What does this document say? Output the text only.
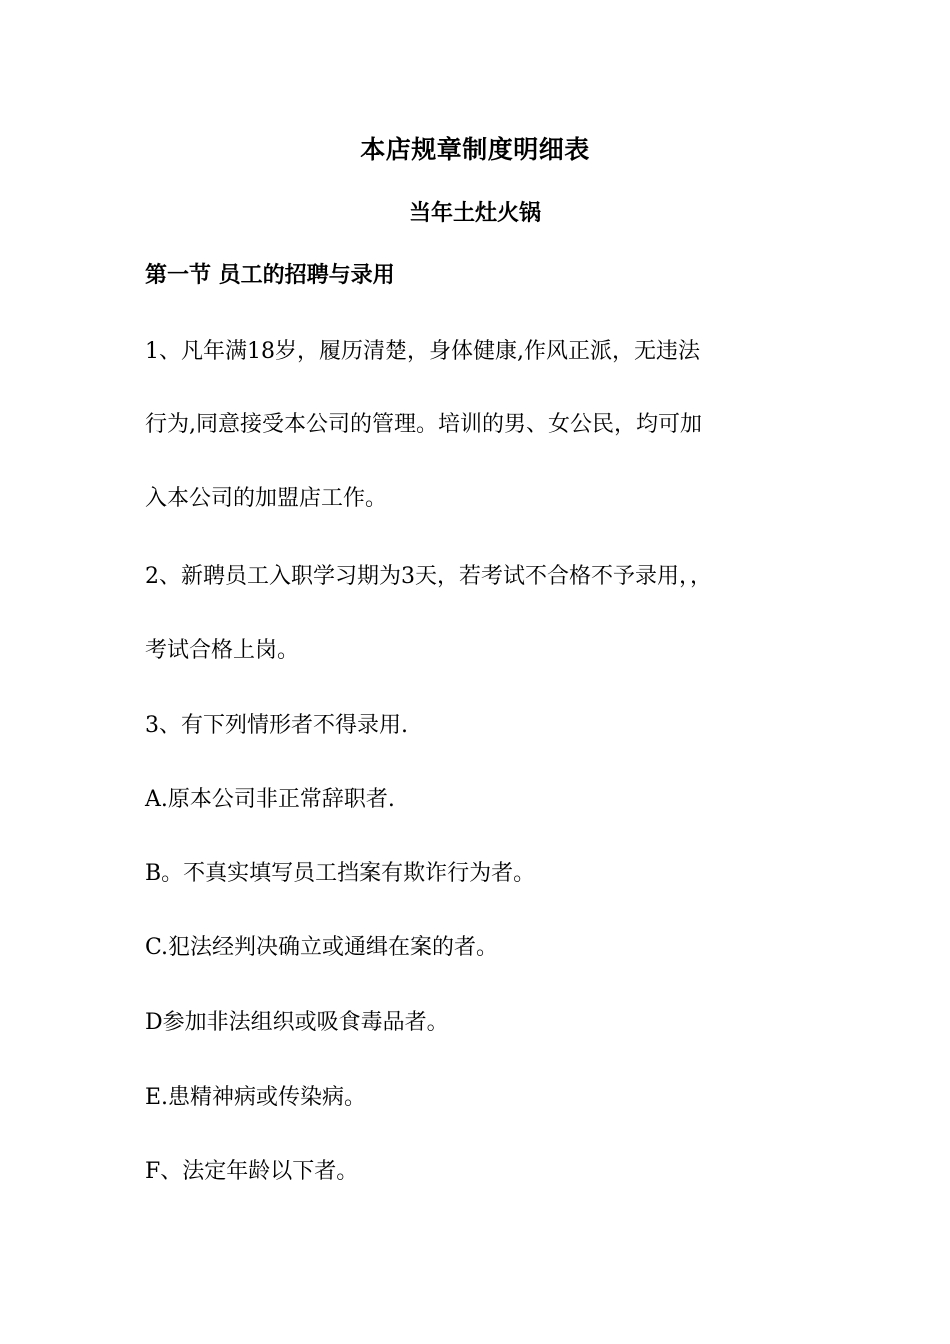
本店规章制度明细表
当年土灶火锅
第一节 员工的招聘与录用
1、凡年满18岁，履历清楚，身体健康,作风正派，无违法
行为,同意接受本公司的管理。培训的男、女公民，均可加
入本公司的加盟店工作。
2、新聘员工入职学习期为3天，若考试不合格不予录用，，
考试合格上岗。
3、有下列情形者不得录用.
A.原本公司非正常辞职者.
B。不真实填写员工挡案有欺诈行为者。
C.犯法经判决确立或通缉在案的者。
D参加非法组织或吸食毒品者。
E.患精神病或传染病。
F、法定年龄以下者。
